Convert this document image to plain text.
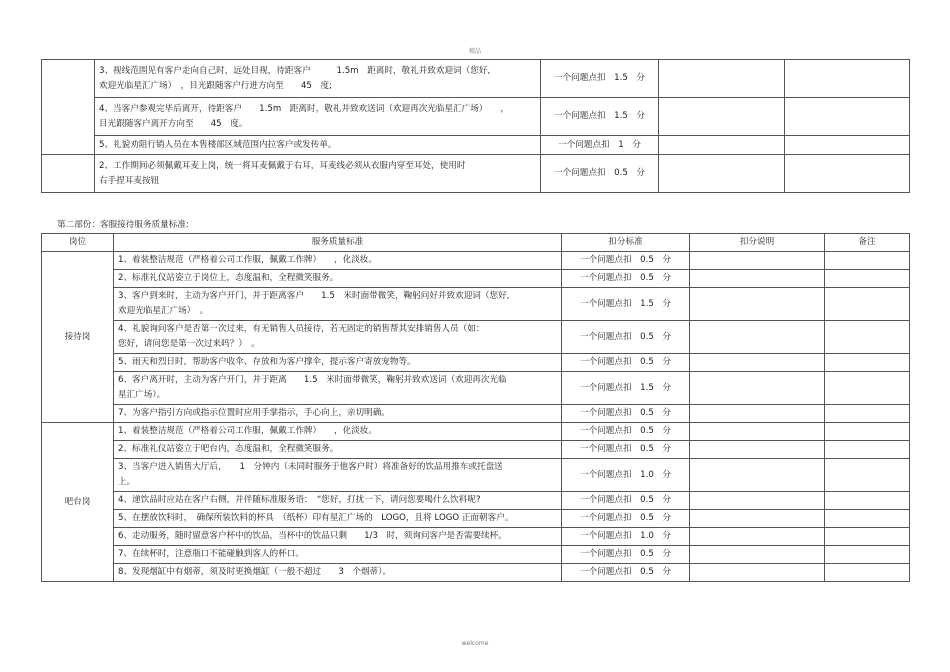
精品

	3、视线范围见有客户走向自己时，远处目视，待距客户　　　1.5m　距离时，敬礼并致欢迎词（您好,
欢迎光临星汇广场）　，目光跟随客户行进方向至　　45　度;	一个问题点扣　1.5　分		

	4、当客户参观完毕后离开，待距客户　　1.5m　距离时，敬礼并致欢送词（欢迎再次光临星汇广场）　　，
目光跟随客户离开方向至　　45　度。	一个问题点扣　1.5　分		

	5、礼貌劝阻行销人员在本售楼部区域范围内拉客户或发传单。	一个问题点扣　1　分		

	2、工作期间必须佩戴耳麦上岗，统一将耳麦佩戴于右耳，耳麦线必须从衣服内穿至耳处，使用时
右手捏耳麦按钮	一个问题点扣　0.5　分		
第二部份：客服接待服务质量标准:
岗位	服务质量标准	扣分标准	扣分说明	备注
接待岗	1、着装整洁规范（严格着公司工作服，佩戴工作牌）　　，化淡妆。	一个问题点扣　0.5　分		

	2、标准礼仪站姿立于岗位上，态度温和，全程微笑服务。	一个问题点扣　0.5　分		

	3、客户到来时，主动为客户开门，并于距离客户　　1.5　米时面带微笑，鞠躬问好并致欢迎词（您好,
欢迎光临星汇广场）　。	一个问题点扣　1.5　分		

	4、礼貌询问客户是否第一次过来，有无销售人员接待，若无固定的销售帮其安排销售人员（如：
您好，请问您是第一次过来吗？）　。	一个问题点扣　0.5　分		

	5、雨天和烈日时，帮助客户收伞、存放和为客户撑伞，提示客户寄放宠物等。	一个问题点扣　0.5　分		

	6、客户离开时，主动为客户开门，并于距离　　1.5　米时面带微笑，鞠躬并致欢送词（欢迎再次光临
星汇广场）。	一个问题点扣　1.5　分		

	7、为客户指引方向或指示位置时应用手掌指示，手心向上，亲切明确。	一个问题点扣　0.5　分		
吧台岗	1、着装整洁规范（严格着公司工作服，佩戴工作牌）　　，化淡妆。	一个问题点扣　0.5　分		

	2、标准礼仪站姿立于吧台内，态度温和，全程微笑服务。	一个问题点扣　0.5　分		

	3、当客户进入销售大厅后，　　1　分钟内（未同时服务于他客户时）将准备好的饮品用推车或托盘送
上。	一个问题点扣　1.0　分		

	4、递饮品时应站在客户右侧，并伴随标准服务语：　“您好，打扰一下，请问您要喝什么饮料呢?	一个问题点扣　0.5　分		

	5、在摆放饮料时，　确保所装饮料的杯具　（纸杯）印有星汇广场的　LOGO，且将 LOGO 正面朝客户。	一个问题点扣　0.5　分		

	6、走动服务，随时留意客户杯中的饮品，当杯中的饮品只剩　　1/3　时，须询问客户是否需要续杯。	一个问题点扣　1.0　分		

	7、在续杯时，注意瓶口不能碰触到客人的杯口。	一个问题点扣　0.5　分		

	8、发现烟缸中有烟蒂，须及时更换烟缸（一般不超过　　3　个烟蒂）。	一个问题点扣　0.5　分		
welcome
